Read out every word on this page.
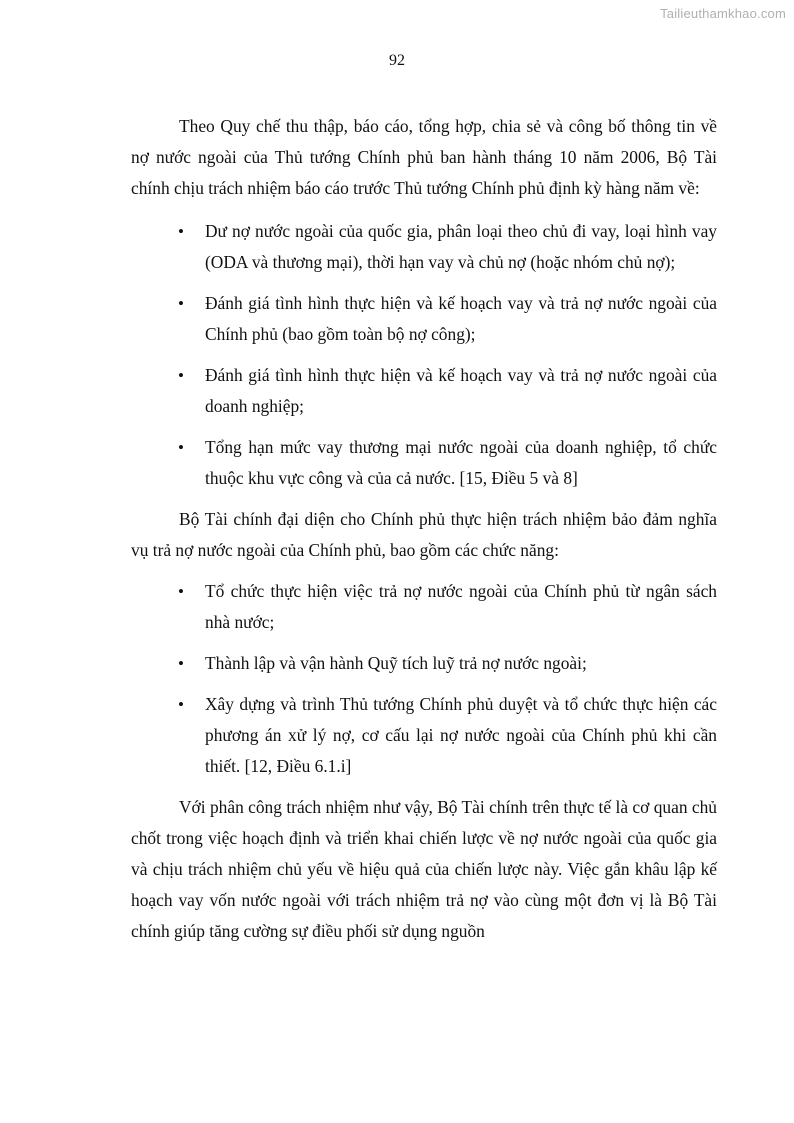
Tailieuthamkhao.com
92

Theo Quy chế thu thập, báo cáo, tổng hợp, chia sẻ và công bố thông tin về nợ nước ngoài của Thủ tướng Chính phủ ban hành tháng 10 năm 2006, Bộ Tài chính chịu trách nhiệm báo cáo trước Thủ tướng Chính phủ định kỳ hàng năm về:

• Dư nợ nước ngoài của quốc gia, phân loại theo chủ đi vay, loại hình vay (ODA và thương mại), thời hạn vay và chủ nợ (hoặc nhóm chủ nợ);
• Đánh giá tình hình thực hiện và kế hoạch vay và trả nợ nước ngoài của Chính phủ (bao gồm toàn bộ nợ công);
• Đánh giá tình hình thực hiện và kế hoạch vay và trả nợ nước ngoài của doanh nghiệp;
• Tổng hạn mức vay thương mại nước ngoài của doanh nghiệp, tổ chức thuộc khu vực công và của cả nước. [15, Điều 5 và 8]

Bộ Tài chính đại diện cho Chính phủ thực hiện trách nhiệm bảo đảm nghĩa vụ trả nợ nước ngoài của Chính phủ, bao gồm các chức năng:

• Tổ chức thực hiện việc trả nợ nước ngoài của Chính phủ từ ngân sách nhà nước;
• Thành lập và vận hành Quỹ tích luỹ trả nợ nước ngoài;
• Xây dựng và trình Thủ tướng Chính phủ duyệt và tổ chức thực hiện các phương án xử lý nợ, cơ cấu lại nợ nước ngoài của Chính phủ khi cần thiết. [12, Điều 6.1.i]

Với phân công trách nhiệm như vậy, Bộ Tài chính trên thực tế là cơ quan chủ chốt trong việc hoạch định và triển khai chiến lược về nợ nước ngoài của quốc gia và chịu trách nhiệm chủ yếu về hiệu quả của chiến lược này. Việc gắn khâu lập kế hoạch vay vốn nước ngoài với trách nhiệm trả nợ vào cùng một đơn vị là Bộ Tài chính giúp tăng cường sự điều phối sử dụng nguồn
